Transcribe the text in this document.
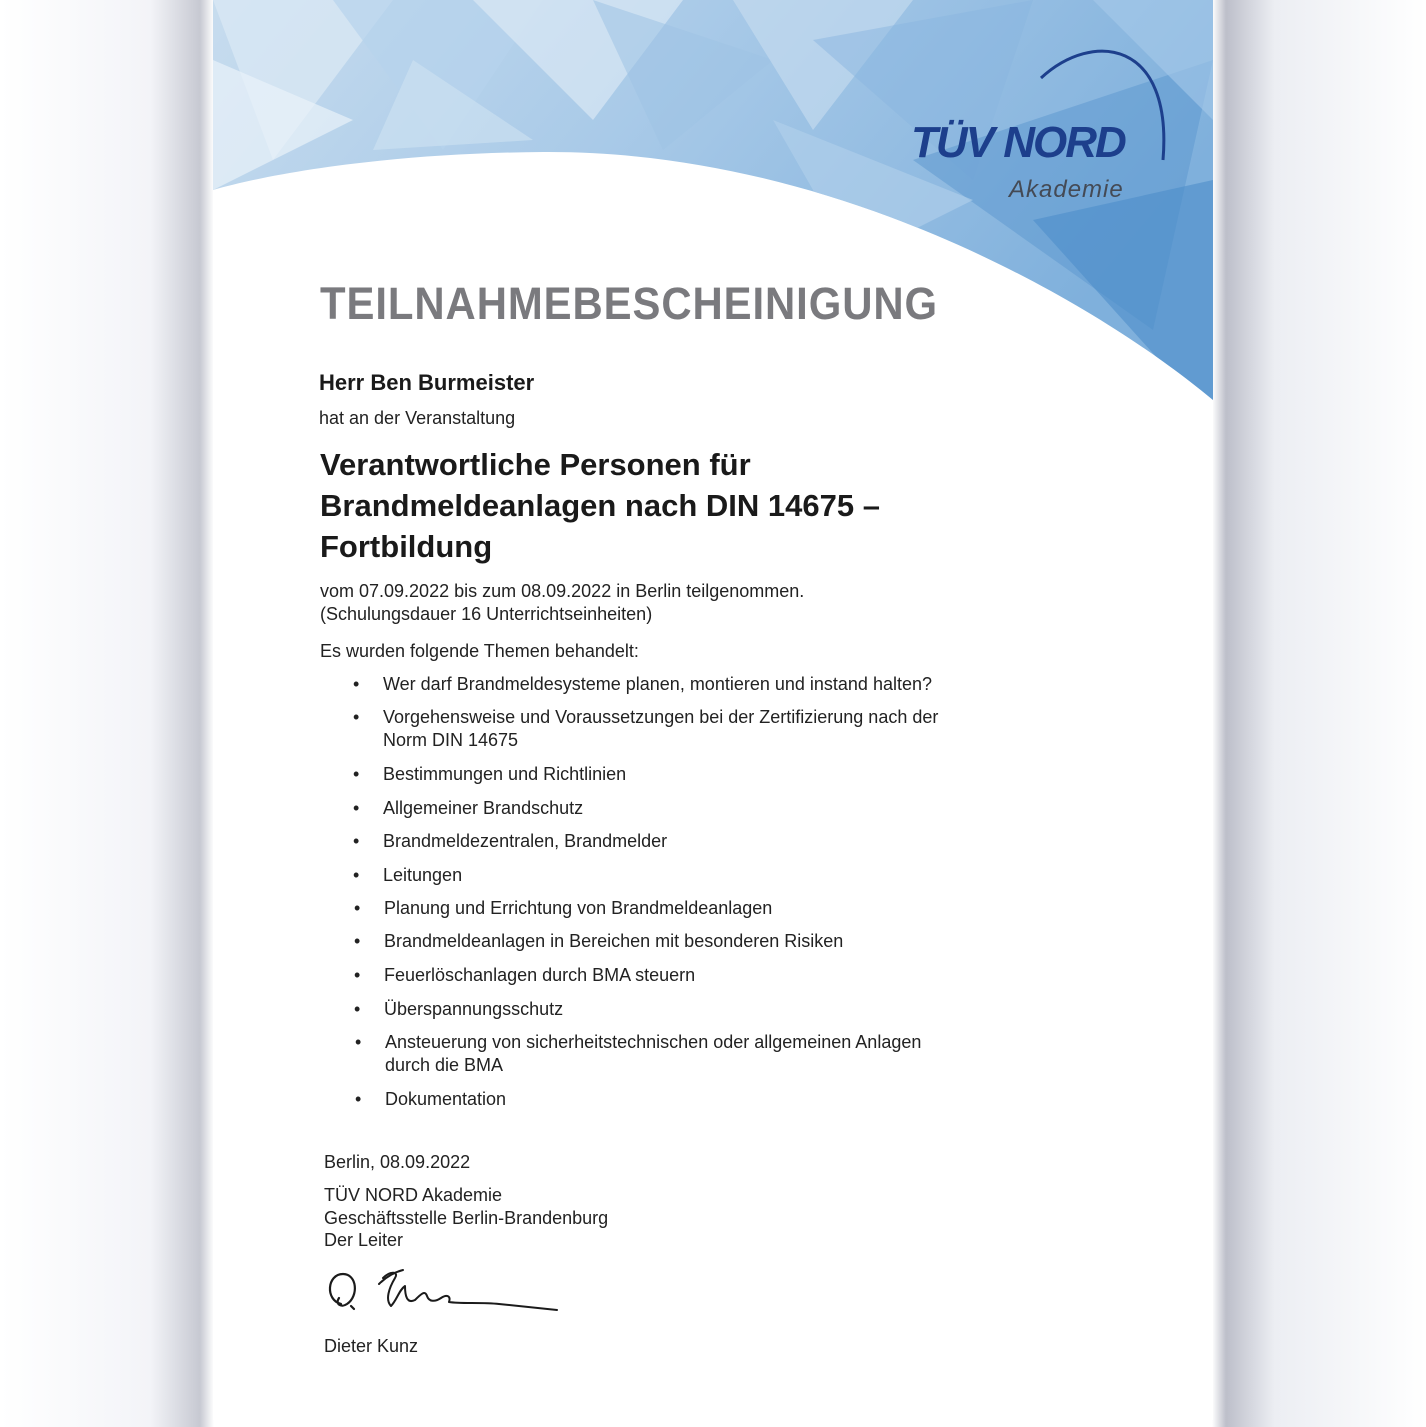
TÜV NORD
Akademie
TEILNAHMEBESCHEINIGUNG
Herr Ben Burmeister
hat an der Veranstaltung
Verantwortliche Personen für
Brandmeldeanlagen nach DIN 14675 –
Fortbildung
vom 07.09.2022 bis zum 08.09.2022 in Berlin teilgenommen.
(Schulungsdauer 16 Unterrichtseinheiten)
Es wurden folgende Themen behandelt:
•	Wer darf Brandmeldesysteme planen, montieren und instand halten?
•	Vorgehensweise und Voraussetzungen bei der Zertifizierung nach der
Norm DIN 14675
•	Bestimmungen und Richtlinien
•	Allgemeiner Brandschutz
•	Brandmeldezentralen, Brandmelder
•	Leitungen
•	Planung und Errichtung von Brandmeldeanlagen
•	Brandmeldeanlagen in Bereichen mit besonderen Risiken
•	Feuerlöschanlagen durch BMA steuern
•	Überspannungsschutz
•	Ansteuerung von sicherheitstechnischen oder allgemeinen Anlagen
durch die BMA
•	Dokumentation
Berlin, 08.09.2022
TÜV NORD Akademie
Geschäftsstelle Berlin-Brandenburg
Der Leiter
Dieter Kunz
